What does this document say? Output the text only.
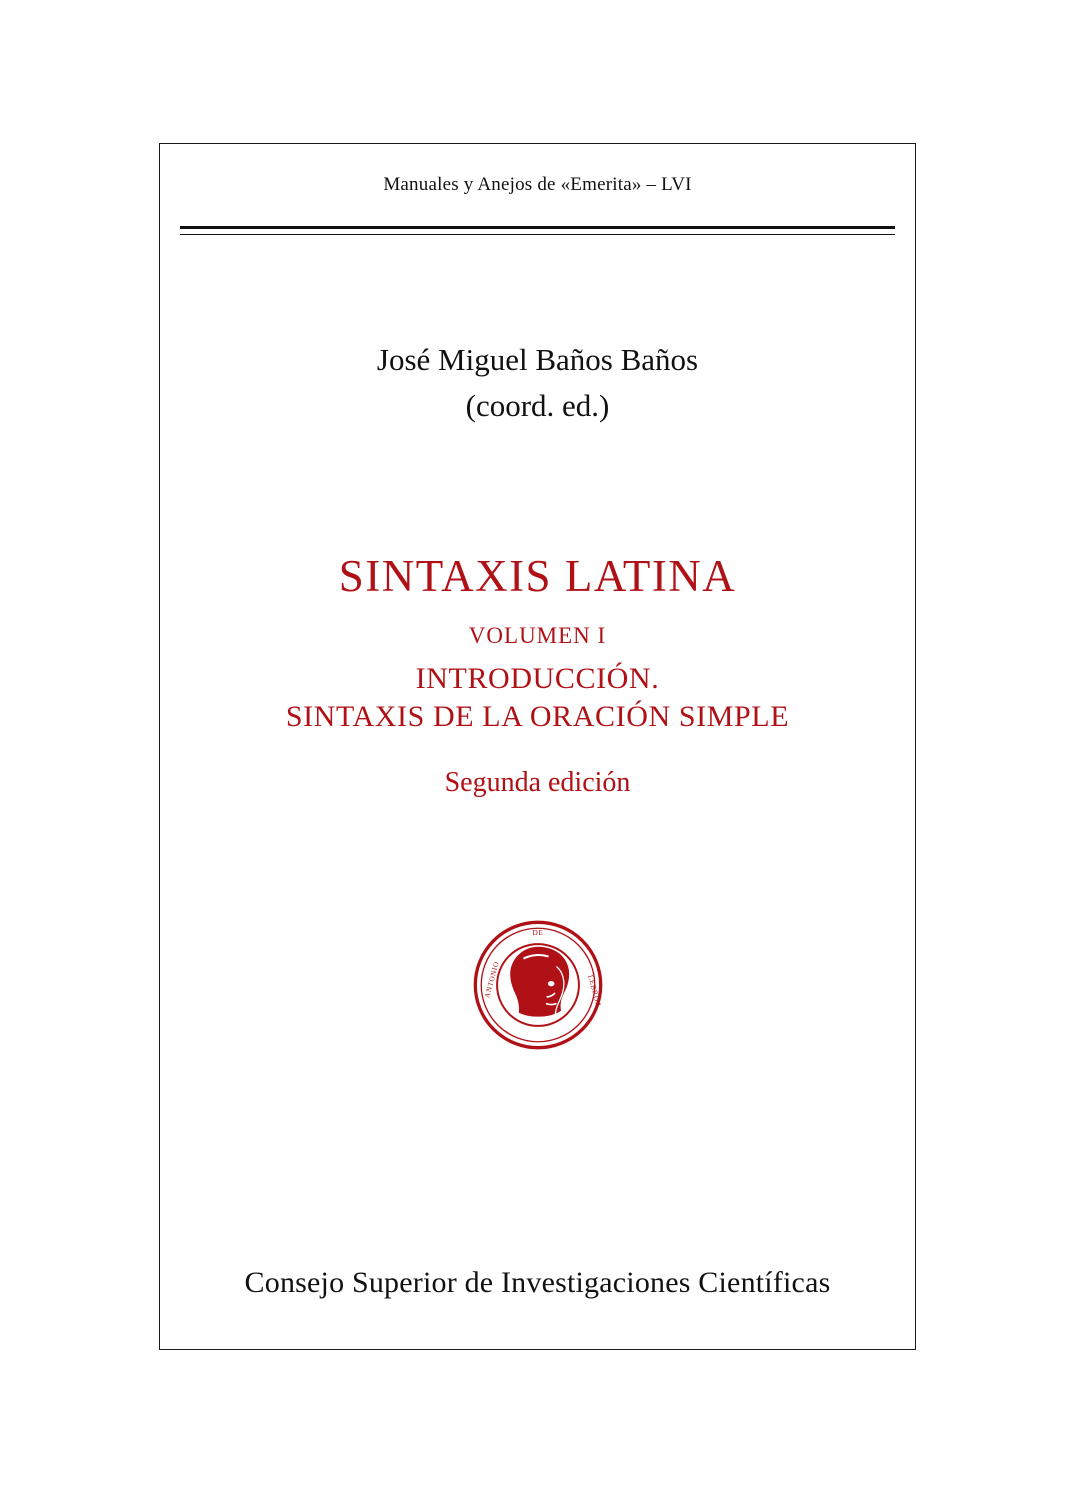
Manuales y Anejos de «Emerita» – LVI
José Miguel Baños Baños
(coord. ed.)
SINTAXIS LATINA
VOLUMEN I
INTRODUCCIÓN.
SINTAXIS DE LA ORACIÓN SIMPLE
Segunda edición
DE
ANTONIO	LEBRIJA
Consejo Superior de Investigaciones Científicas
